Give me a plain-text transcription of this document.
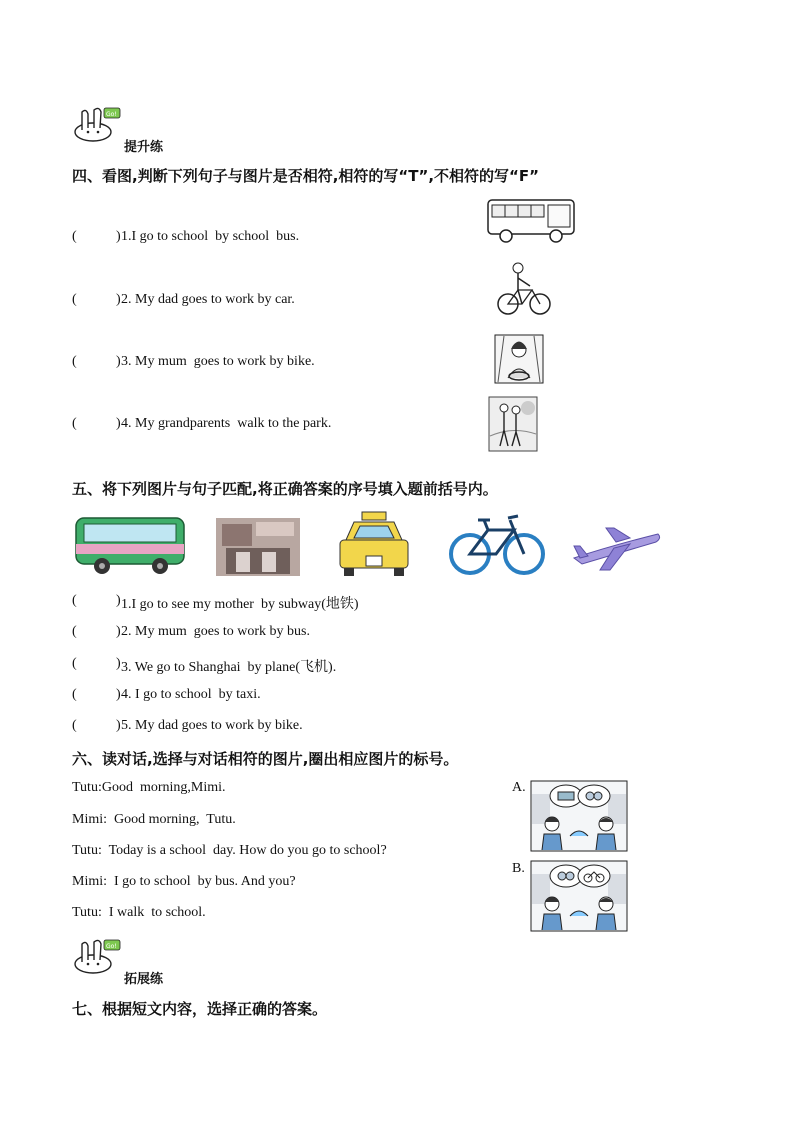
Go!
提升练
四、看图,判断下列句子与图片是否相符,相符的写“T”,不相符的写“F”
(	) 1.I go to school  by school  bus.
(	) 2. My dad goes to work by car.
(	) 3. My mum  goes to work by bike.
(	) 4. My grandparents  walk to the park.
五、将下列图片与句子匹配,将正确答案的序号填入题前括号内。
(	) 1.I go to see my mother  by subway(地铁)
(	) 2. My mum  goes to work by bus.
(	) 3. We go to Shanghai  by plane(飞机).
(	) 4. I go to school  by taxi.
(	) 5. My dad goes to work by bike.
六、读对话,选择与对话相符的图片,圈出相应图片的标号。
Tutu:Good  morning,Mimi.
Mimi:  Good morning,  Tutu.
Tutu:  Today is a school  day. How do you go to school?
Mimi:  I go to school  by bus. And you?
Tutu:  I walk  to school.
A.
B.
Go!
拓展练
七、根据短文内容，选择正确的答案。
